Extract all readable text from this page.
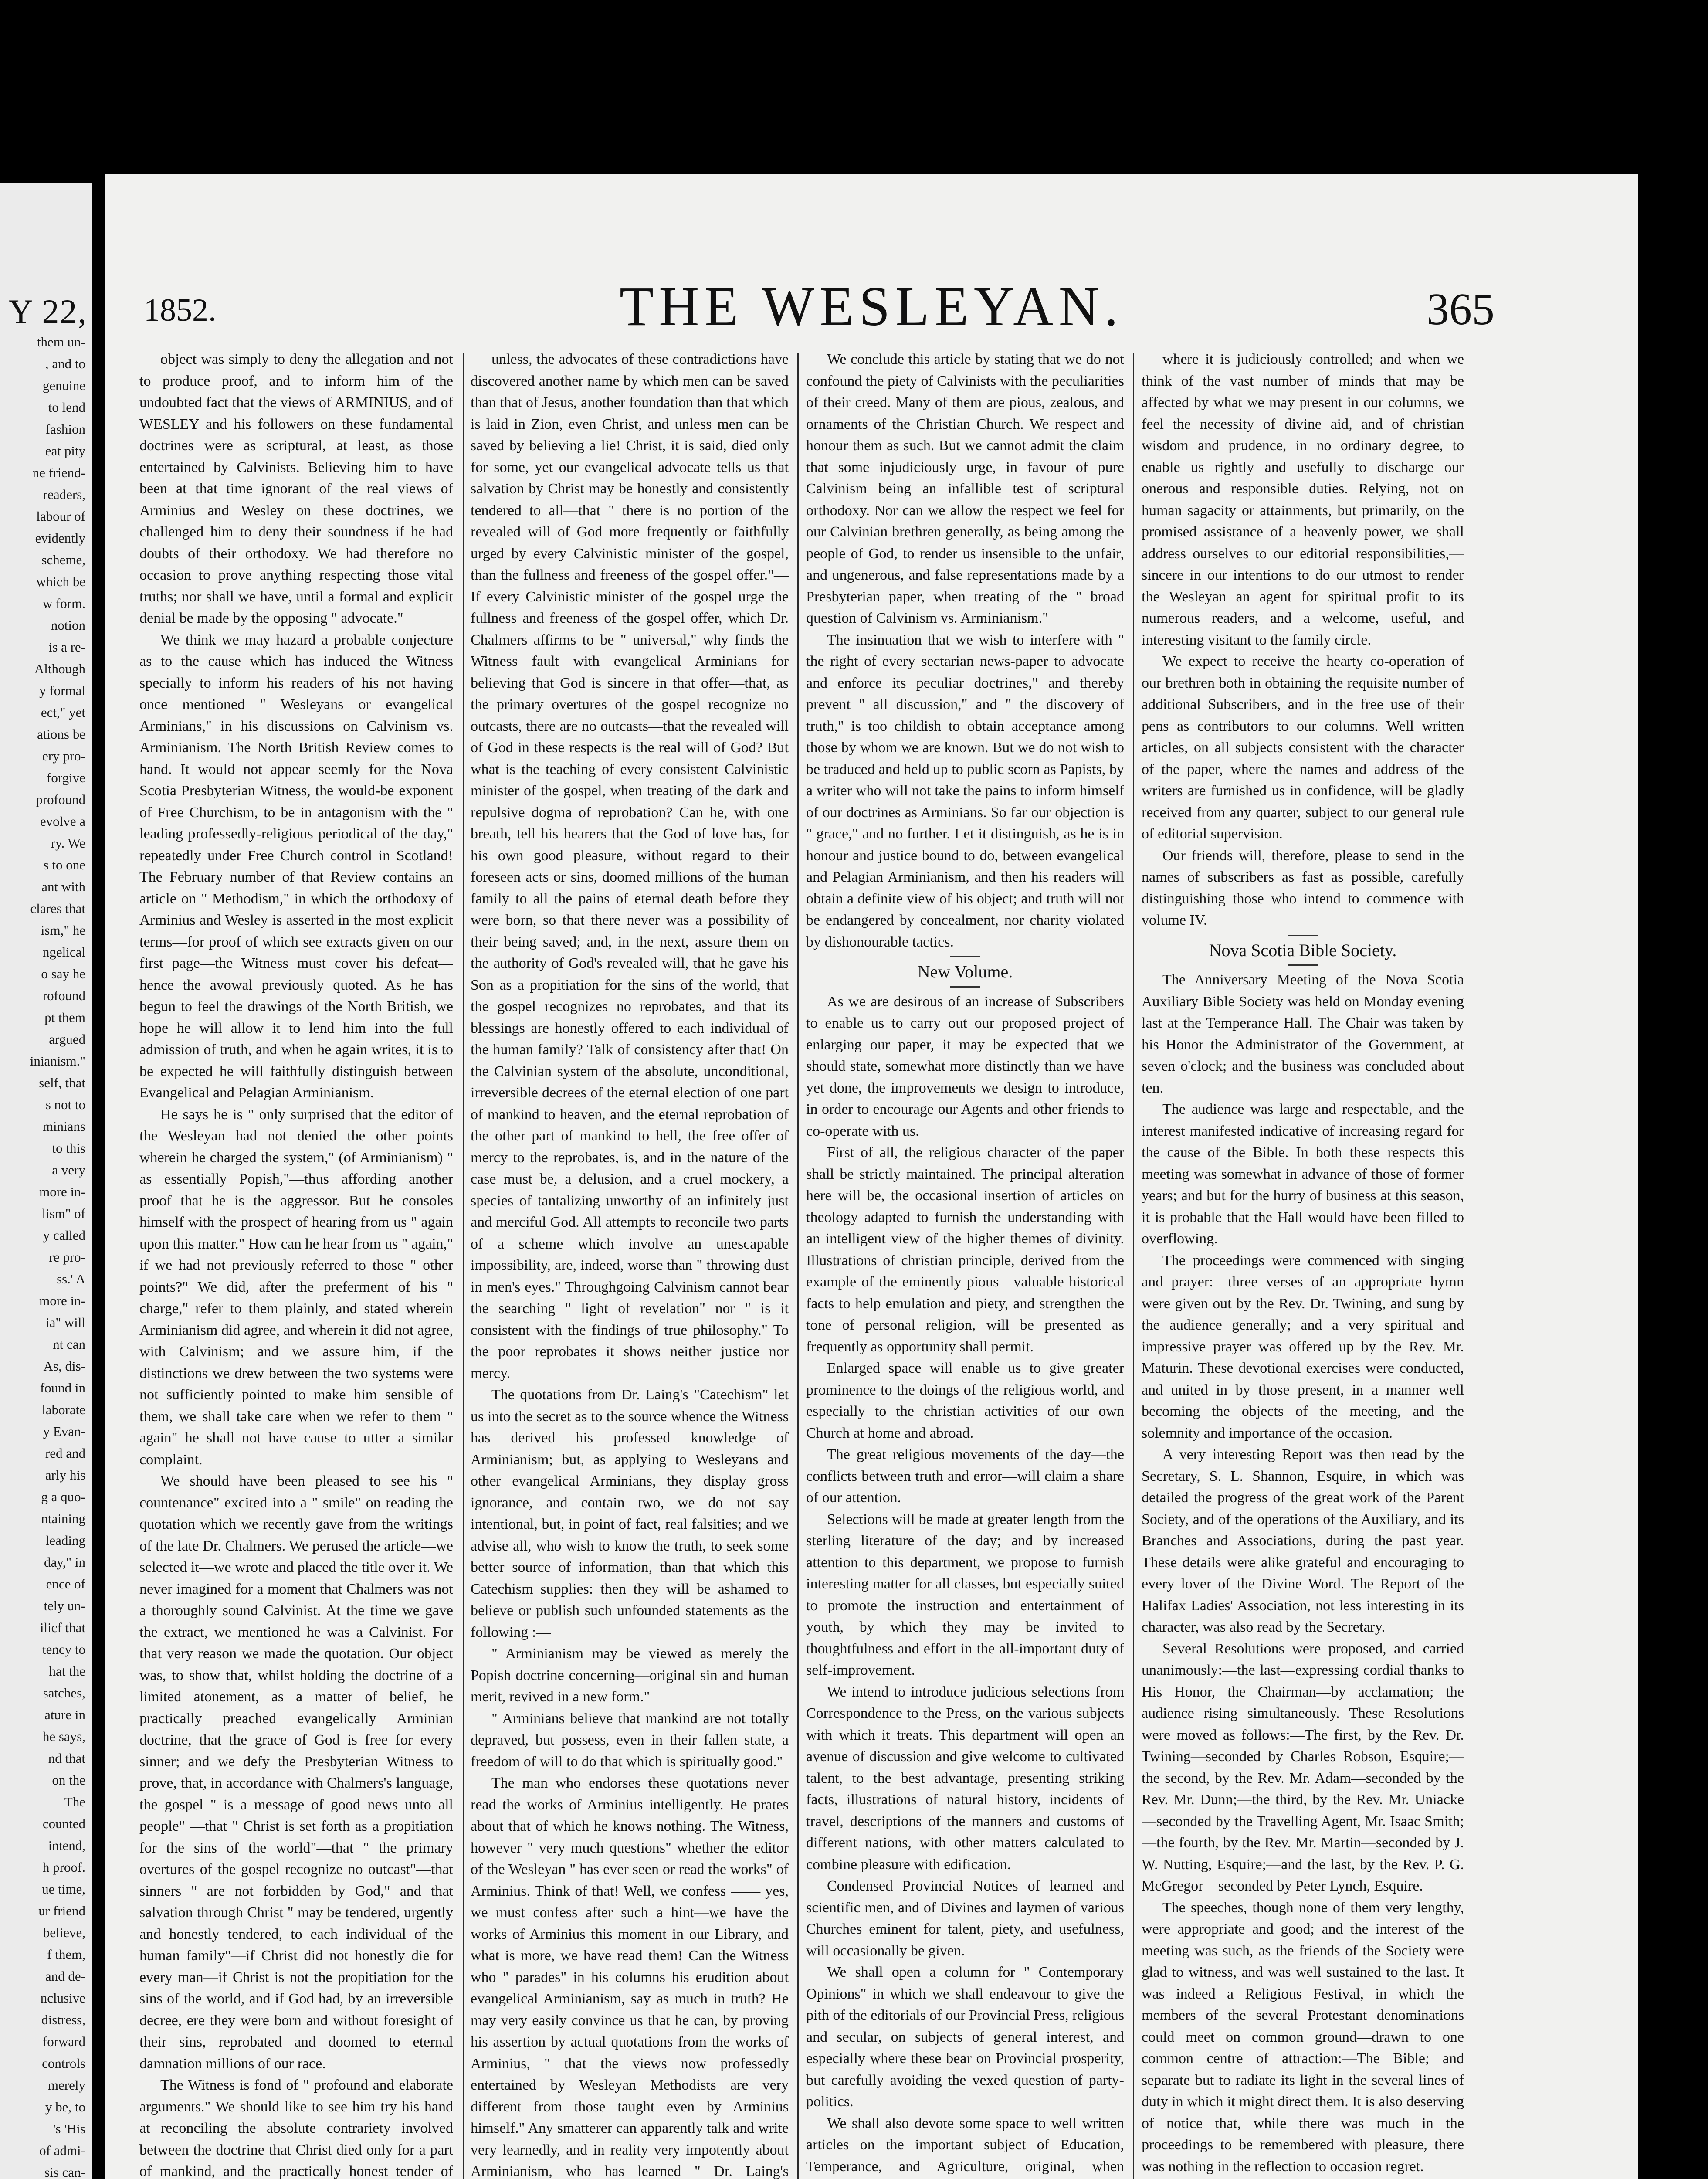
Y 22,
them un-
, and to
genuine
to lend
fashion
eat pity
ne friend-
readers,
labour of
evidently
scheme,
which be
w form.
notion
is a re-
Although
y formal
ect," yet
ations be
ery pro-
forgive
profound
evolve a
ry. We
s to one
ant with
clares that
ism," he
ngelical
o say he
rofound
pt them
argued
inianism."
self, that
s not to
minians
to this
a very
more in-
lism" of
y called
re pro-
ss.' A
more in-
ia" will
nt can
As, dis-
found in
laborate
y Evan-
red and
arly his
g a quo-
ntaining
leading
day," in
ence of
tely un-
ilicf that
tency to
hat the
satches,
ature in
he says,
nd that
on the
The
counted
intend,
h proof.
ue time,
ur friend
believe,
f them,
and de-
nclusive
distress,
forward
controls
merely
y be, to
's 'His
of admi-
sis can-
THE WESLEYAN.
1852.	365

object was simply to deny the allegation and not to produce proof, and to inform him of the undoubted fact that the views of ARMINIUS, and of WESLEY and his followers on these fundamental doctrines were as scriptural, at least, as those entertained by Calvinists. Believing him to have been at that time ignorant of the real views of Arminius and Wesley on these doctrines, we challenged him to deny their soundness if he had doubts of their orthodoxy. We had therefore no occasion to prove anything respecting those vital truths; nor shall we have, until a formal and explicit denial be made by the opposing " advocate."

We think we may hazard a probable conjecture as to the cause which has induced the Witness specially to inform his readers of his not having once mentioned " Wesleyans or evangelical Arminians," in his discussions on Calvinism vs. Arminianism. The North British Review comes to hand. It would not appear seemly for the Nova Scotia Presbyterian Witness, the would-be exponent of Free Churchism, to be in antagonism with the " leading professedly-religious periodical of the day," repeatedly under Free Church control in Scotland! The February number of that Review contains an article on " Methodism," in which the orthodoxy of Arminius and Wesley is asserted in the most explicit terms—for proof of which see extracts given on our first page—the Witness must cover his defeat—hence the avowal previously quoted. As he has begun to feel the drawings of the North British, we hope he will allow it to lend him into the full admission of truth, and when he again writes, it is to be expected he will faithfully distinguish between Evangelical and Pelagian Arminianism.

He says he is " only surprised that the editor of the Wesleyan had not denied the other points wherein he charged the system," (of Arminianism) " as essentially Popish,"—thus affording another proof that he is the aggressor. But he consoles himself with the prospect of hearing from us " again upon this matter." How can he hear from us " again," if we had not previously referred to those " other points?" We did, after the preferment of his " charge," refer to them plainly, and stated wherein Arminianism did agree, and wherein it did not agree, with Calvinism; and we assure him, if the distinctions we drew between the two systems were not sufficiently pointed to make him sensible of them, we shall take care when we refer to them " again" he shall not have cause to utter a similar complaint.

We should have been pleased to see his " countenance" excited into a " smile" on reading the quotation which we recently gave from the writings of the late Dr. Chalmers. We perused the article—we selected it—we wrote and placed the title over it. We never imagined for a moment that Chalmers was not a thoroughly sound Calvinist. At the time we gave the extract, we mentioned he was a Calvinist. For that very reason we made the quotation. Our object was, to show that, whilst holding the doctrine of a limited atonement, as a matter of belief, he practically preached evangelically Arminian doctrine, that the grace of God is free for every sinner; and we defy the Presbyterian Witness to prove, that, in accordance with Chalmers's language, the gospel " is a message of good news unto all people" —that " Christ is set forth as a propitiation for the sins of the world"—that " the primary overtures of the gospel recognize no outcast"—that sinners " are not forbidden by God," and that salvation through Christ " may be tendered, urgently and honestly tendered, to each individual of the human family"—if Christ did not honestly die for every man—if Christ is not the propitiation for the sins of the world, and if God had, by an irreversible decree, ere they were born and without foresight of their sins, reprobated and doomed to eternal damnation millions of our race.

The Witness is fond of " profound and elaborate arguments." We should like to see him try his hand at reconciling the absolute contrariety involved between the doctrine that Christ died only for a part of mankind, and the practically honest tender of

unless, the advocates of these contradictions have discovered another name by which men can be saved than that of Jesus, another foundation than that which is laid in Zion, even Christ, and unless men can be saved by believing a lie! Christ, it is said, died only for some, yet our evangelical advocate tells us that salvation by Christ may be honestly and consistently tendered to all—that " there is no portion of the revealed will of God more frequently or faithfully urged by every Calvinistic minister of the gospel, than the fullness and freeness of the gospel offer."— If every Calvinistic minister of the gospel urge the fullness and freeness of the gospel offer, which Dr. Chalmers affirms to be " universal," why finds the Witness fault with evangelical Arminians for believing that God is sincere in that offer—that, as the primary overtures of the gospel recognize no outcasts, there are no outcasts—that the revealed will of God in these respects is the real will of God? But what is the teaching of every consistent Calvinistic minister of the gospel, when treating of the dark and repulsive dogma of reprobation? Can he, with one breath, tell his hearers that the God of love has, for his own good pleasure, without regard to their foreseen acts or sins, doomed millions of the human family to all the pains of eternal death before they were born, so that there never was a possibility of their being saved; and, in the next, assure them on the authority of God's revealed will, that he gave his Son as a propitiation for the sins of the world, that the gospel recognizes no reprobates, and that its blessings are honestly offered to each individual of the human family? Talk of consistency after that! On the Calvinian system of the absolute, unconditional, irreversible decrees of the eternal election of one part of mankind to heaven, and the eternal reprobation of the other part of mankind to hell, the free offer of mercy to the reprobates, is, and in the nature of the case must be, a delusion, and a cruel mockery, a species of tantalizing unworthy of an infinitely just and merciful God. All attempts to reconcile two parts of a scheme which involve an unescapable impossibility, are, indeed, worse than " throwing dust in men's eyes." Throughgoing Calvinism cannot bear the searching " light of revelation" nor " is it consistent with the findings of true philosophy." To the poor reprobates it shows neither justice nor mercy.

The quotations from Dr. Laing's "Catechism" let us into the secret as to the source whence the Witness has derived his professed knowledge of Arminianism; but, as applying to Wesleyans and other evangelical Arminians, they display gross ignorance, and contain two, we do not say intentional, but, in point of fact, real falsities; and we advise all, who wish to know the truth, to seek some better source of information, than that which this Catechism supplies: then they will be ashamed to believe or publish such unfounded statements as the following :—

" Arminianism may be viewed as merely the Popish doctrine concerning—original sin and human merit, revived in a new form."

" Arminians believe that mankind are not totally depraved, but possess, even in their fallen state, a freedom of will to do that which is spiritually good."

The man who endorses these quotations never read the works of Arminius intelligently. He prates about that of which he knows nothing. The Witness, however " very much questions" whether the editor of the Wesleyan " has ever seen or read the works" of Arminius. Think of that! Well, we confess —— yes, we must confess after such a hint—we have the works of Arminius this moment in our Library, and what is more, we have read them! Can the Witness who " parades" in his columns his erudition about evangelical Arminianism, say as much in truth? He may very easily convince us that he can, by proving his assertion by actual quotations from the works of Arminius, " that the views now professedly entertained by Wesleyan Methodists are very different from those taught even by Arminius himself." Any smatterer can apparently talk and write very learnedly, and in reality very impotently about Arminianism, who has learned " Dr. Laing's

We conclude this article by stating that we do not confound the piety of Calvinists with the peculiarities of their creed. Many of them are pious, zealous, and ornaments of the Christian Church. We respect and honour them as such. But we cannot admit the claim that some injudiciously urge, in favour of pure Calvinism being an infallible test of scriptural orthodoxy. Nor can we allow the respect we feel for our Calvinian brethren generally, as being among the people of God, to render us insensible to the unfair, and ungenerous, and false representations made by a Presbyterian paper, when treating of the " broad question of Calvinism vs. Arminianism."

The insinuation that we wish to interfere with " the right of every sectarian news-paper to advocate and enforce its peculiar doctrines," and thereby prevent " all discussion," and " the discovery of truth," is too childish to obtain acceptance among those by whom we are known. But we do not wish to be traduced and held up to public scorn as Papists, by a writer who will not take the pains to inform himself of our doctrines as Arminians. So far our objection is " grace," and no further. Let it distinguish, as he is in honour and justice bound to do, between evangelical and Pelagian Arminianism, and then his readers will obtain a definite view of his object; and truth will not be endangered by concealment, nor charity violated by dishonourable tactics.

New Volume.

As we are desirous of an increase of Subscribers to enable us to carry out our proposed project of enlarging our paper, it may be expected that we should state, somewhat more distinctly than we have yet done, the improvements we design to introduce, in order to encourage our Agents and other friends to co-operate with us.

First of all, the religious character of the paper shall be strictly maintained. The principal alteration here will be, the occasional insertion of articles on theology adapted to furnish the understanding with an intelligent view of the higher themes of divinity. Illustrations of christian principle, derived from the example of the eminently pious—valuable historical facts to help emulation and piety, and strengthen the tone of personal religion, will be presented as frequently as opportunity shall permit.

Enlarged space will enable us to give greater prominence to the doings of the religious world, and especially to the christian activities of our own Church at home and abroad.

The great religious movements of the day—the conflicts between truth and error—will claim a share of our attention.

Selections will be made at greater length from the sterling literature of the day; and by increased attention to this department, we propose to furnish interesting matter for all classes, but especially suited to promote the instruction and entertainment of youth, by which they may be invited to thoughtfulness and effort in the all-important duty of self-improvement.

We intend to introduce judicious selections from Correspondence to the Press, on the various subjects with which it treats. This department will open an avenue of discussion and give welcome to cultivated talent, to the best advantage, presenting striking facts, illustrations of natural history, incidents of travel, descriptions of the manners and customs of different nations, with other matters calculated to combine pleasure with edification.

Condensed Provincial Notices of learned and scientific men, and of Divines and laymen of various Churches eminent for talent, piety, and usefulness, will occasionally be given.

We shall open a column for " Contemporary Opinions" in which we shall endeavour to give the pith of the editorials of our Provincial Press, religious and secular, on subjects of general interest, and especially where these bear on Provincial prosperity, but carefully avoiding the vexed question of party-politics.

We shall also devote some space to well written articles on the important subject of Education, Temperance, and Agriculture, original, when

where it is judiciously controlled; and when we think of the vast number of minds that may be affected by what we may present in our columns, we feel the necessity of divine aid, and of christian wisdom and prudence, in no ordinary degree, to enable us rightly and usefully to discharge our onerous and responsible duties. Relying, not on human sagacity or attainments, but primarily, on the promised assistance of a heavenly power, we shall address ourselves to our editorial responsibilities,—sincere in our intentions to do our utmost to render the Wesleyan an agent for spiritual profit to its numerous readers, and a welcome, useful, and interesting visitant to the family circle.

We expect to receive the hearty co-operation of our brethren both in obtaining the requisite number of additional Subscribers, and in the free use of their pens as contributors to our columns. Well written articles, on all subjects consistent with the character of the paper, where the names and address of the writers are furnished us in confidence, will be gladly received from any quarter, subject to our general rule of editorial supervision.

Our friends will, therefore, please to send in the names of subscribers as fast as possible, carefully distinguishing those who intend to commence with volume IV.

Nova Scotia Bible Society.

The Anniversary Meeting of the Nova Scotia Auxiliary Bible Society was held on Monday evening last at the Temperance Hall. The Chair was taken by his Honor the Administrator of the Government, at seven o'clock; and the business was concluded about ten.

The audience was large and respectable, and the interest manifested indicative of increasing regard for the cause of the Bible. In both these respects this meeting was somewhat in advance of those of former years; and but for the hurry of business at this season, it is probable that the Hall would have been filled to overflowing.

The proceedings were commenced with singing and prayer:—three verses of an appropriate hymn were given out by the Rev. Dr. Twining, and sung by the audience generally; and a very spiritual and impressive prayer was offered up by the Rev. Mr. Maturin. These devotional exercises were conducted, and united in by those present, in a manner well becoming the objects of the meeting, and the solemnity and importance of the occasion.

A very interesting Report was then read by the Secretary, S. L. Shannon, Esquire, in which was detailed the progress of the great work of the Parent Society, and of the operations of the Auxiliary, and its Branches and Associations, during the past year. These details were alike grateful and encouraging to every lover of the Divine Word. The Report of the Halifax Ladies' Association, not less interesting in its character, was also read by the Secretary.

Several Resolutions were proposed, and carried unanimously:—the last—expressing cordial thanks to His Honor, the Chairman—by acclamation; the audience rising simultaneously. These Resolutions were moved as follows:—The first, by the Rev. Dr. Twining—seconded by Charles Robson, Esquire;—the second, by the Rev. Mr. Adam—seconded by the Rev. Mr. Dunn;—the third, by the Rev. Mr. Uniacke—seconded by the Travelling Agent, Mr. Isaac Smith;—the fourth, by the Rev. Mr. Martin—seconded by J. W. Nutting, Esquire;—and the last, by the Rev. P. G. McGregor—seconded by Peter Lynch, Esquire.

The speeches, though none of them very lengthy, were appropriate and good; and the interest of the meeting was such, as the friends of the Society were glad to witness, and was well sustained to the last. It was indeed a Religious Festival, in which the members of the several Protestant denominations could meet on common ground—drawn to one common centre of attraction:—The Bible; and separate but to radiate its light in the several lines of duty in which it might direct them. It is also deserving of notice that, while there was much in the proceedings to be remembered with pleasure, there was nothing in the reflection to occasion regret.
